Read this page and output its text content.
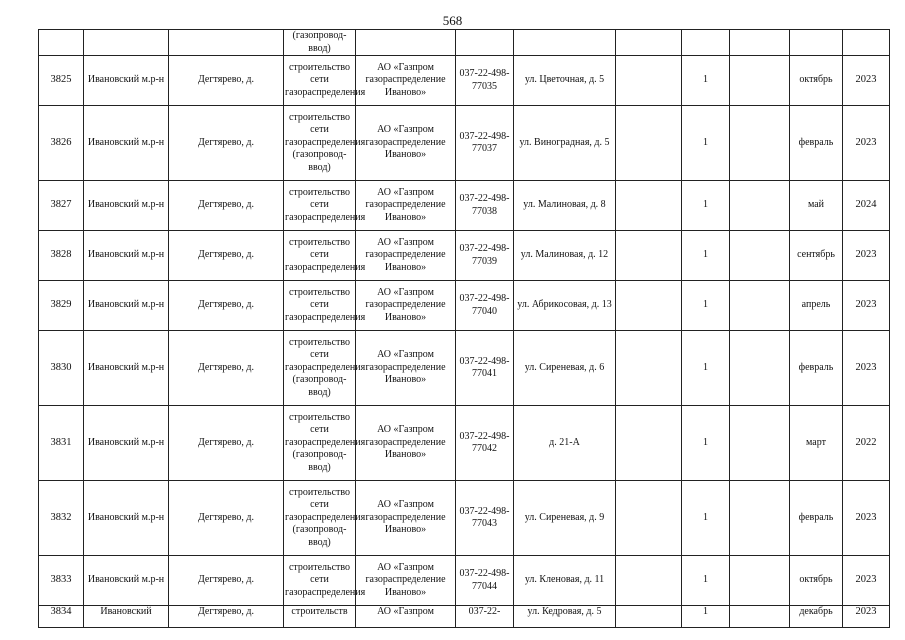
568
			(газопровод-ввод)								
3825	Ивановский м.р-н	Дегтярево, д.	строительство сети газораспределения	АО «Газпром газораспределение Иваново»	037-22-498-77035	ул. Цветочная, д. 5		1		октябрь	2023
3826	Ивановский м.р-н	Дегтярево, д.	строительство сети газораспределения (газопровод-ввод)	АО «Газпром газораспределение Иваново»	037-22-498-77037	ул. Виноградная, д. 5		1		февраль	2023
3827	Ивановский м.р-н	Дегтярево, д.	строительство сети газораспределения	АО «Газпром газораспределение Иваново»	037-22-498-77038	ул. Малиновая, д. 8		1		май	2024
3828	Ивановский м.р-н	Дегтярево, д.	строительство сети газораспределения	АО «Газпром газораспределение Иваново»	037-22-498-77039	ул. Малиновая, д. 12		1		сентябрь	2023
3829	Ивановский м.р-н	Дегтярево, д.	строительство сети газораспределения	АО «Газпром газораспределение Иваново»	037-22-498-77040	ул. Абрикосовая, д. 13		1		апрель	2023
3830	Ивановский м.р-н	Дегтярево, д.	строительство сети газораспределения (газопровод-ввод)	АО «Газпром газораспределение Иваново»	037-22-498-77041	ул. Сиреневая, д. 6		1		февраль	2023
3831	Ивановский м.р-н	Дегтярево, д.	строительство сети газораспределения (газопровод-ввод)	АО «Газпром газораспределение Иваново»	037-22-498-77042	д. 21-А		1		март	2022
3832	Ивановский м.р-н	Дегтярево, д.	строительство сети газораспределения (газопровод-ввод)	АО «Газпром газораспределение Иваново»	037-22-498-77043	ул. Сиреневая, д. 9		1		февраль	2023
3833	Ивановский м.р-н	Дегтярево, д.	строительство сети газораспределения	АО «Газпром газораспределение Иваново»	037-22-498-77044	ул. Кленовая, д. 11		1		октябрь	2023
3834	Ивановский	Дегтярево, д.	строительств	АО «Газпром	037-22-	ул. Кедровая, д. 5		1		декабрь	2023
